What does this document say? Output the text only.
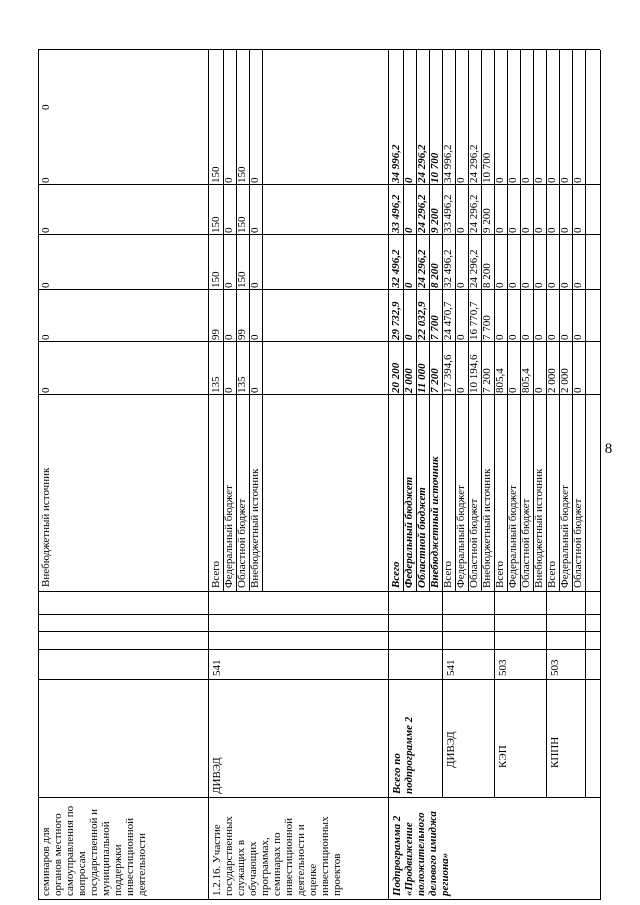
8
семинаров для органов местного самоуправления по вопросам государственной и муниципальной поддержки инвестиционной деятельности
Внебюджетный источник
0
0
0
0
0
0
1.2.16. Участие государственных служащих в обучающих программах, семинарах по инвестиционной деятельности и оценке инвестиционных проектов
ДИВЭД
541
Всего
135
99
150
150
150
Федеральный бюджет
0
0
0
0
0
Областной бюджет
135
99
150
150
150
Внебюджетный источник
0
0
0
0
0
Подпрограмма 2 «Продвижение положительного делового имиджа региона»
Всего по подпрограмме 2
Всего
20 200
29 732,9
32 496,2
33 496,2
34 996,2
Федеральный бюджет
2 000
0
0
0
0
Областной бюджет
11 000
22 032,9
24 296,2
24 296,2
24 296,2
Внебюджетный источник
7 200
7 700
8 200
9 200
10 700
ДИВЭД
541
Всего
17 394,6
24 470,7
32 496,2
33 496,2
34 996,2
Федеральный бюджет
0
0
0
0
0
Областной бюджет
10 194,6
16 770,7
24 296,2
24 296,2
24 296,2
Внебюджетный источник
7 200
7 700
8 200
9 200
10 700
КЭП
503
Всего
805,4
0
0
0
0
Федеральный бюджет
0
0
0
0
0
Областной бюджет
805,4
0
0
0
0
Внебюджетный источник
0
0
0
0
0
КППН
503
Всего
2 000
0
0
0
0
Федеральный бюджет
2 000
0
0
0
0
Областной бюджет
0
0
0
0
0
